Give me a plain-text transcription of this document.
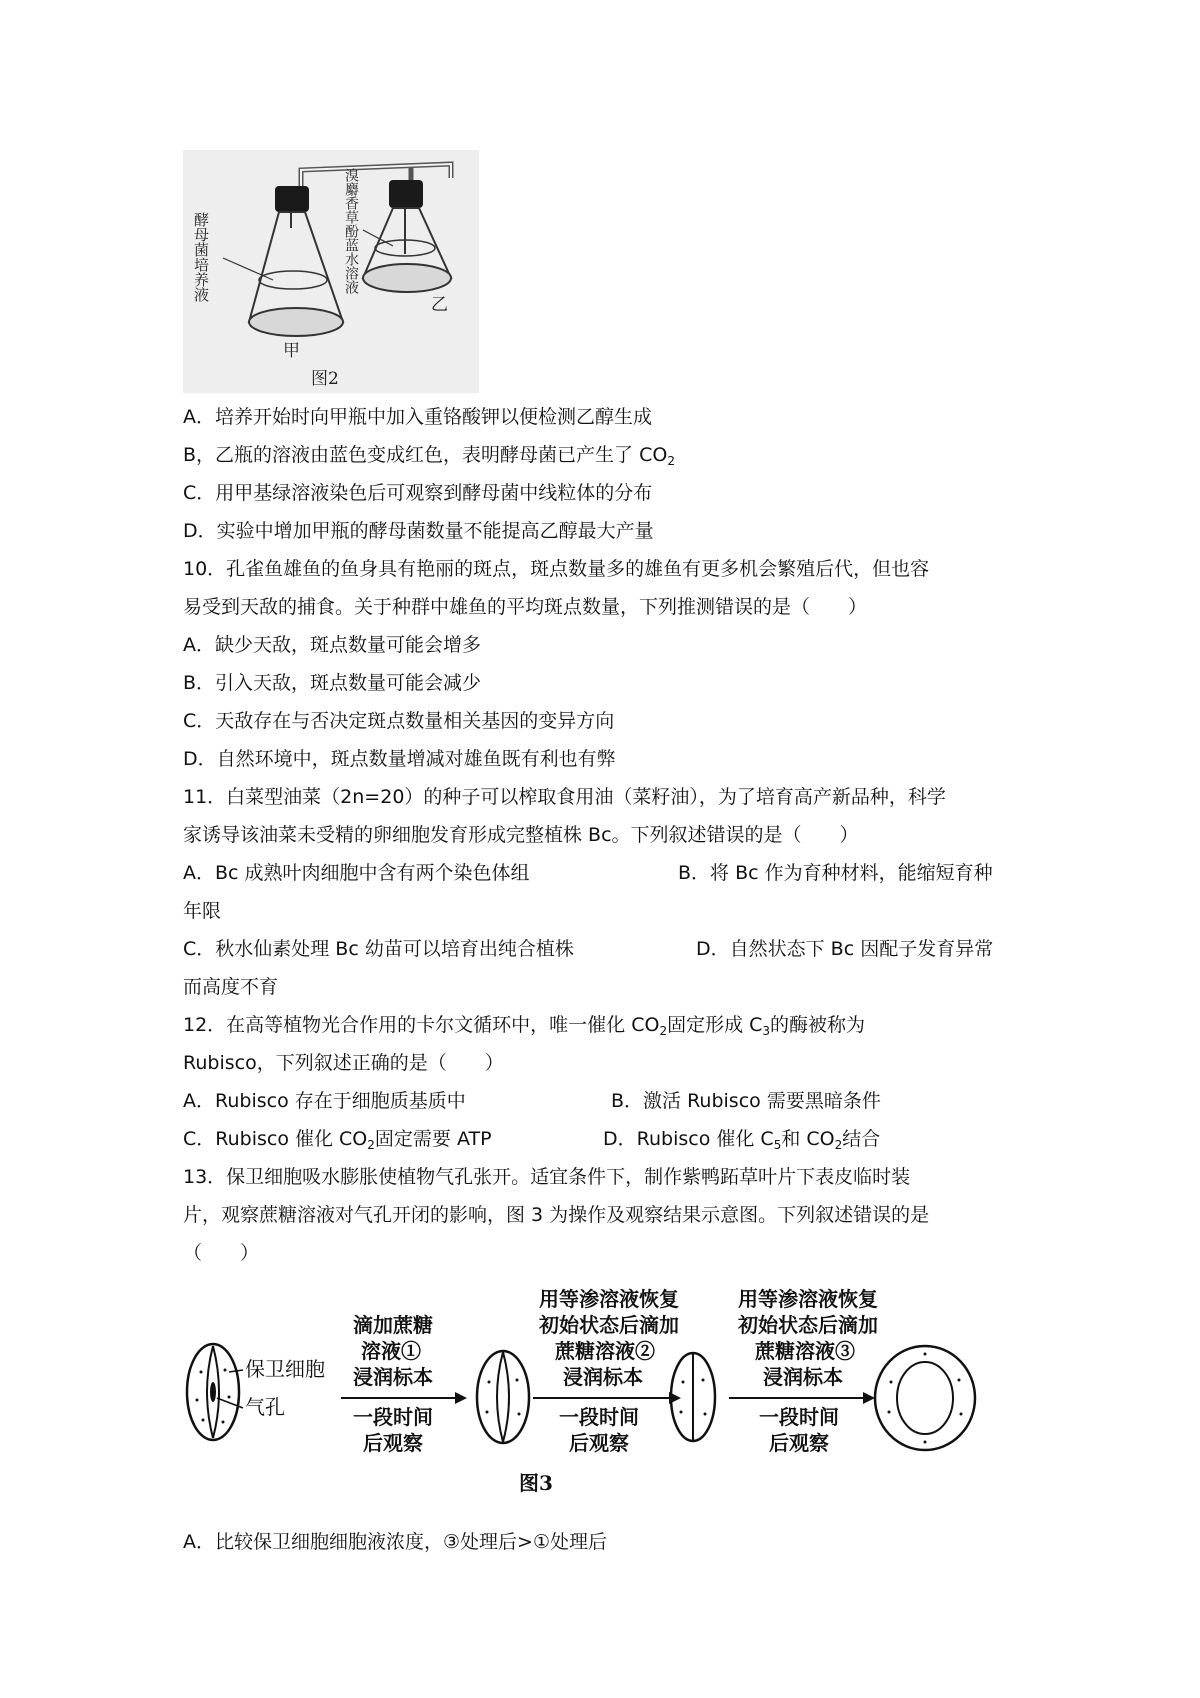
酵母菌培养液	溴麝香草酚蓝水溶液
甲
乙
图2
A．培养开始时向甲瓶中加入重铬酸钾以便检测乙醇生成
B，乙瓶的溶液由蓝色变成红色，表明酵母菌已产生了 $CO_2$
C．用甲基绿溶液染色后可观察到酵母菌中线粒体的分布
D．实验中增加甲瓶的酵母菌数量不能提高乙醇最大产量
10．孔雀鱼雄鱼的鱼身具有艳丽的斑点，斑点数量多的雄鱼有更多机会繁殖后代，但也容
易受到天敌的捕食。关于种群中雄鱼的平均斑点数量，下列推测错误的是（　　）
A．缺少天敌，斑点数量可能会增多
B．引入天敌，斑点数量可能会减少
C．天敌存在与否决定斑点数量相关基因的变异方向
D．自然环境中，斑点数量增减对雄鱼既有利也有弊
11．白菜型油菜（2n=20）的种子可以榨取食用油（菜籽油），为了培育高产新品种，科学
家诱导该油菜未受精的卵细胞发育形成完整植株 Bc。下列叙述错误的是（　　）
A．Bc 成熟叶肉细胞中含有两个染色体组	B．将 Bc 作为育种材料，能缩短育种
年限
C．秋水仙素处理 Bc 幼苗可以培育出纯合植株	D．自然状态下 Bc 因配子发育异常
而高度不育
12．在高等植物光合作用的卡尔文循环中，唯一催化 $CO_2$固定形成 $C_3$的酶被称为
Rubisco，下列叙述正确的是（　　）
A．Rubisco 存在于细胞质基质中	B．激活 Rubisco 需要黑暗条件
C．Rubisco 催化 $CO_2$固定需要 ATP	D．Rubisco 催化 $C_5$和 $CO_2$结合
13．保卫细胞吸水膨胀使植物气孔张开。适宜条件下，制作紫鸭跖草叶片下表皮临时装
片，观察蔗糖溶液对气孔开闭的影响，图 3 为操作及观察结果示意图。下列叙述错误的是
（　　）
保卫细胞
气孔
滴加蔗糖
溶液①
浸润标本
一段时间
后观察
用等渗溶液恢复
初始状态后滴加
蔗糖溶液②
浸润标本
一段时间
后观察
用等渗溶液恢复
初始状态后滴加
蔗糖溶液③
浸润标本
一段时间
后观察
图3
A．比较保卫细胞细胞液浓度，③处理后>①处理后
